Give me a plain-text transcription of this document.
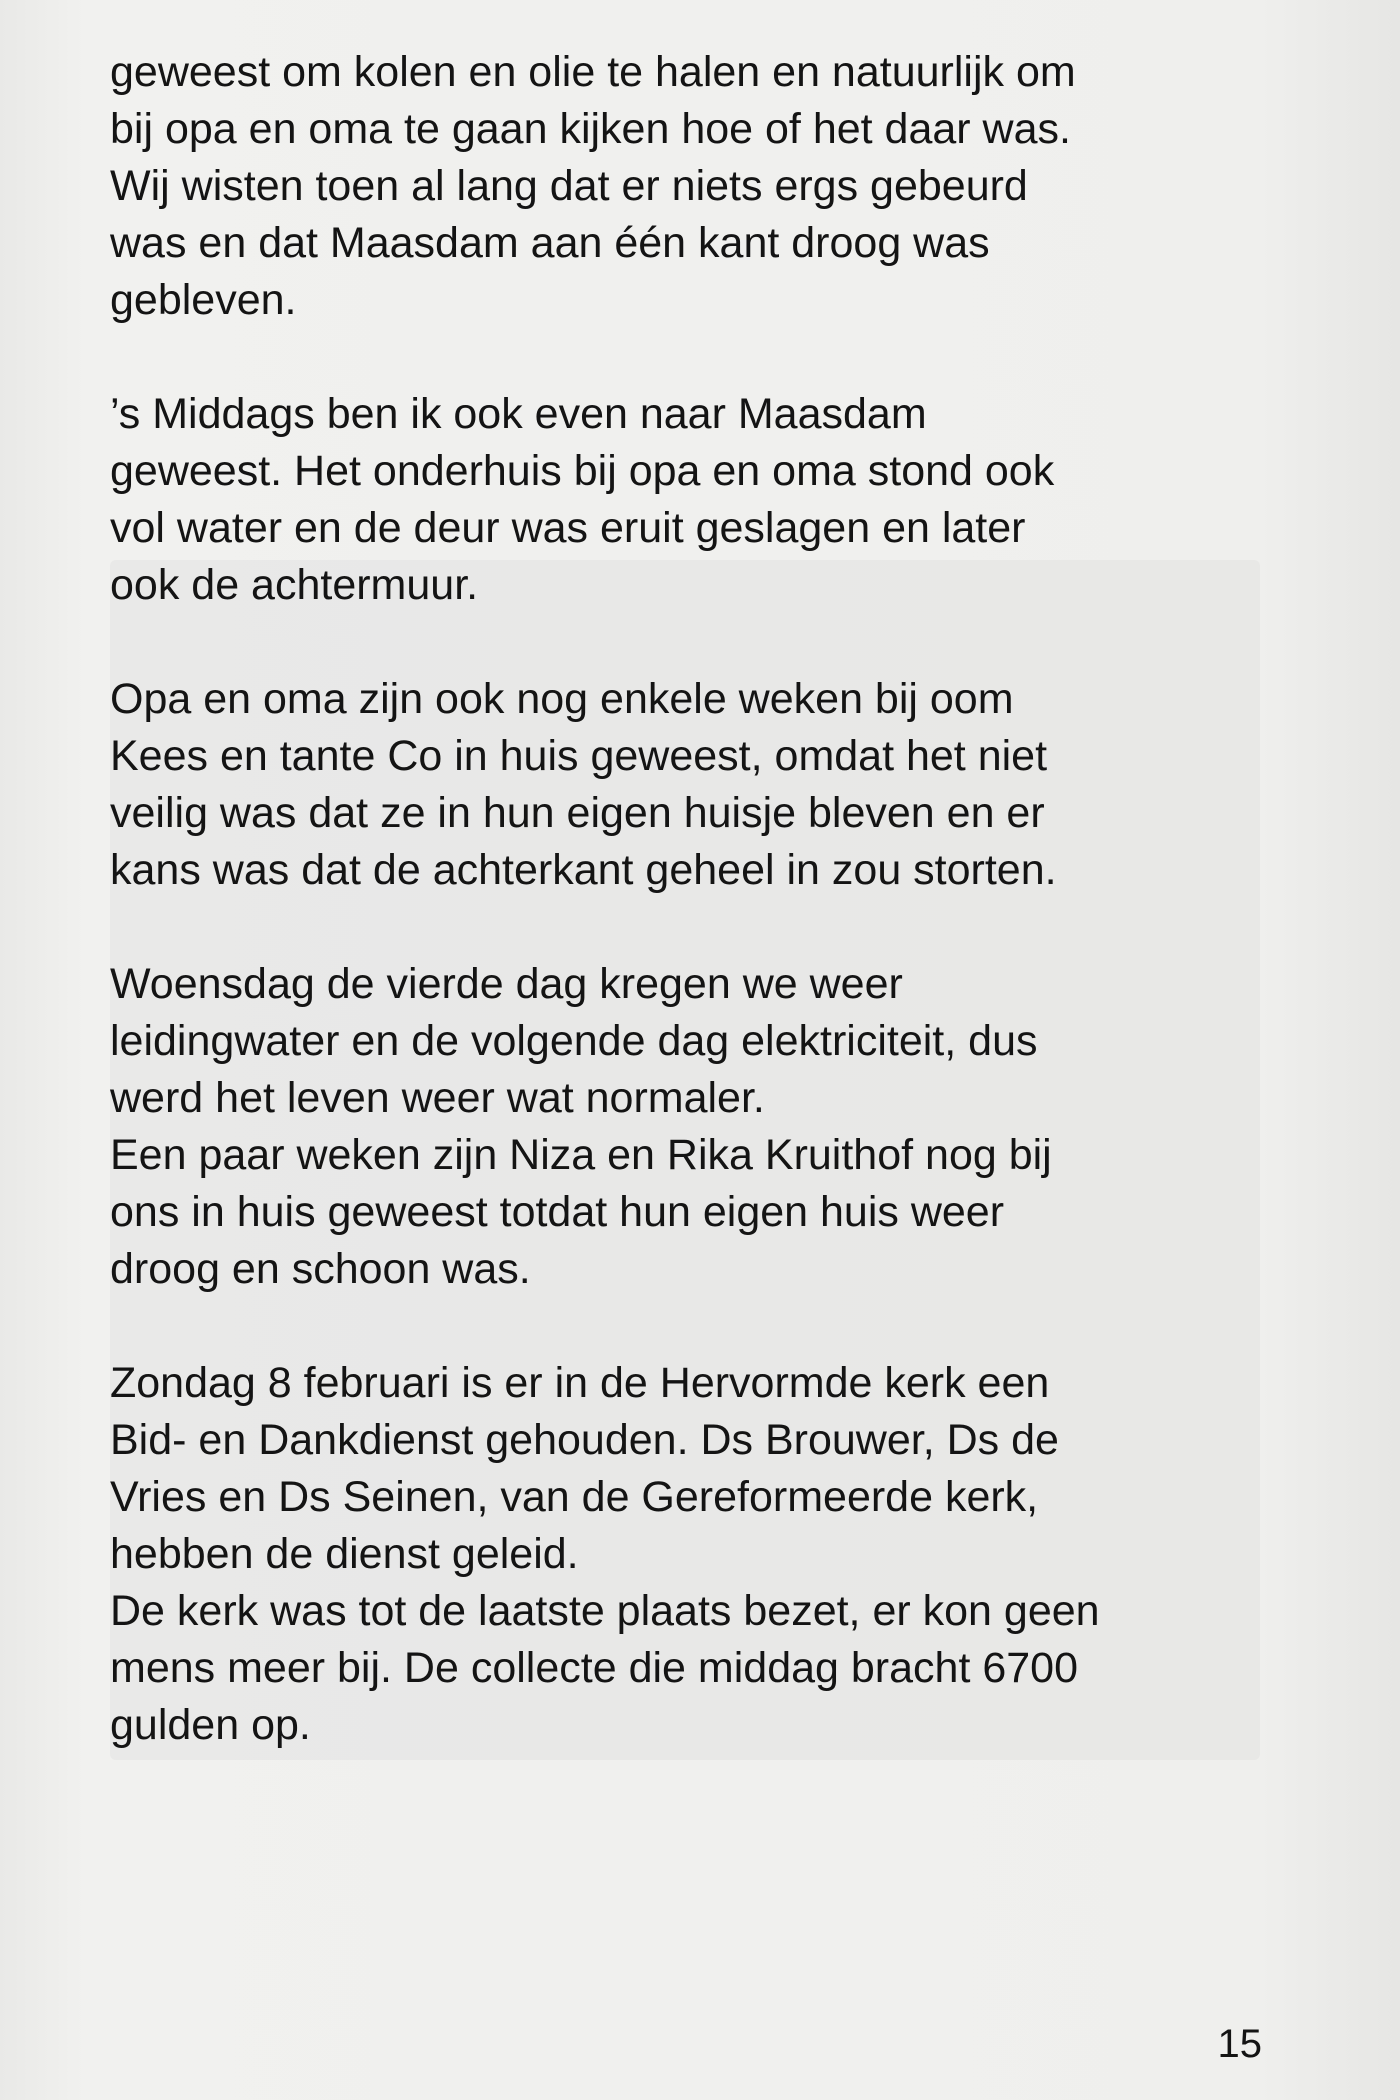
geweest om kolen en olie te halen en natuurlijk om
bij opa en oma te gaan kijken hoe of het daar was.
Wij wisten toen al lang dat er niets ergs gebeurd
was en dat Maasdam aan één kant droog was
gebleven.
’s Middags ben ik ook even naar Maasdam
geweest. Het onderhuis bij opa en oma stond ook
vol water en de deur was eruit geslagen en later
ook de achtermuur.
Opa en oma zijn ook nog enkele weken bij oom
Kees en tante Co in huis geweest, omdat het niet
veilig was dat ze in hun eigen huisje bleven en er
kans was dat de achterkant geheel in zou storten.
Woensdag de vierde dag kregen we weer
leidingwater en de volgende dag elektriciteit, dus
werd het leven weer wat normaler.
Een paar weken zijn Niza en Rika Kruithof nog bij
ons in huis geweest totdat hun eigen huis weer
droog en schoon was.
Zondag 8 februari is er in de Hervormde kerk een
Bid- en Dankdienst gehouden. Ds Brouwer, Ds de
Vries en Ds Seinen, van de Gereformeerde kerk,
hebben de dienst geleid.
De kerk was tot de laatste plaats bezet, er kon geen
mens meer bij. De collecte die middag bracht 6700
gulden op.
15
